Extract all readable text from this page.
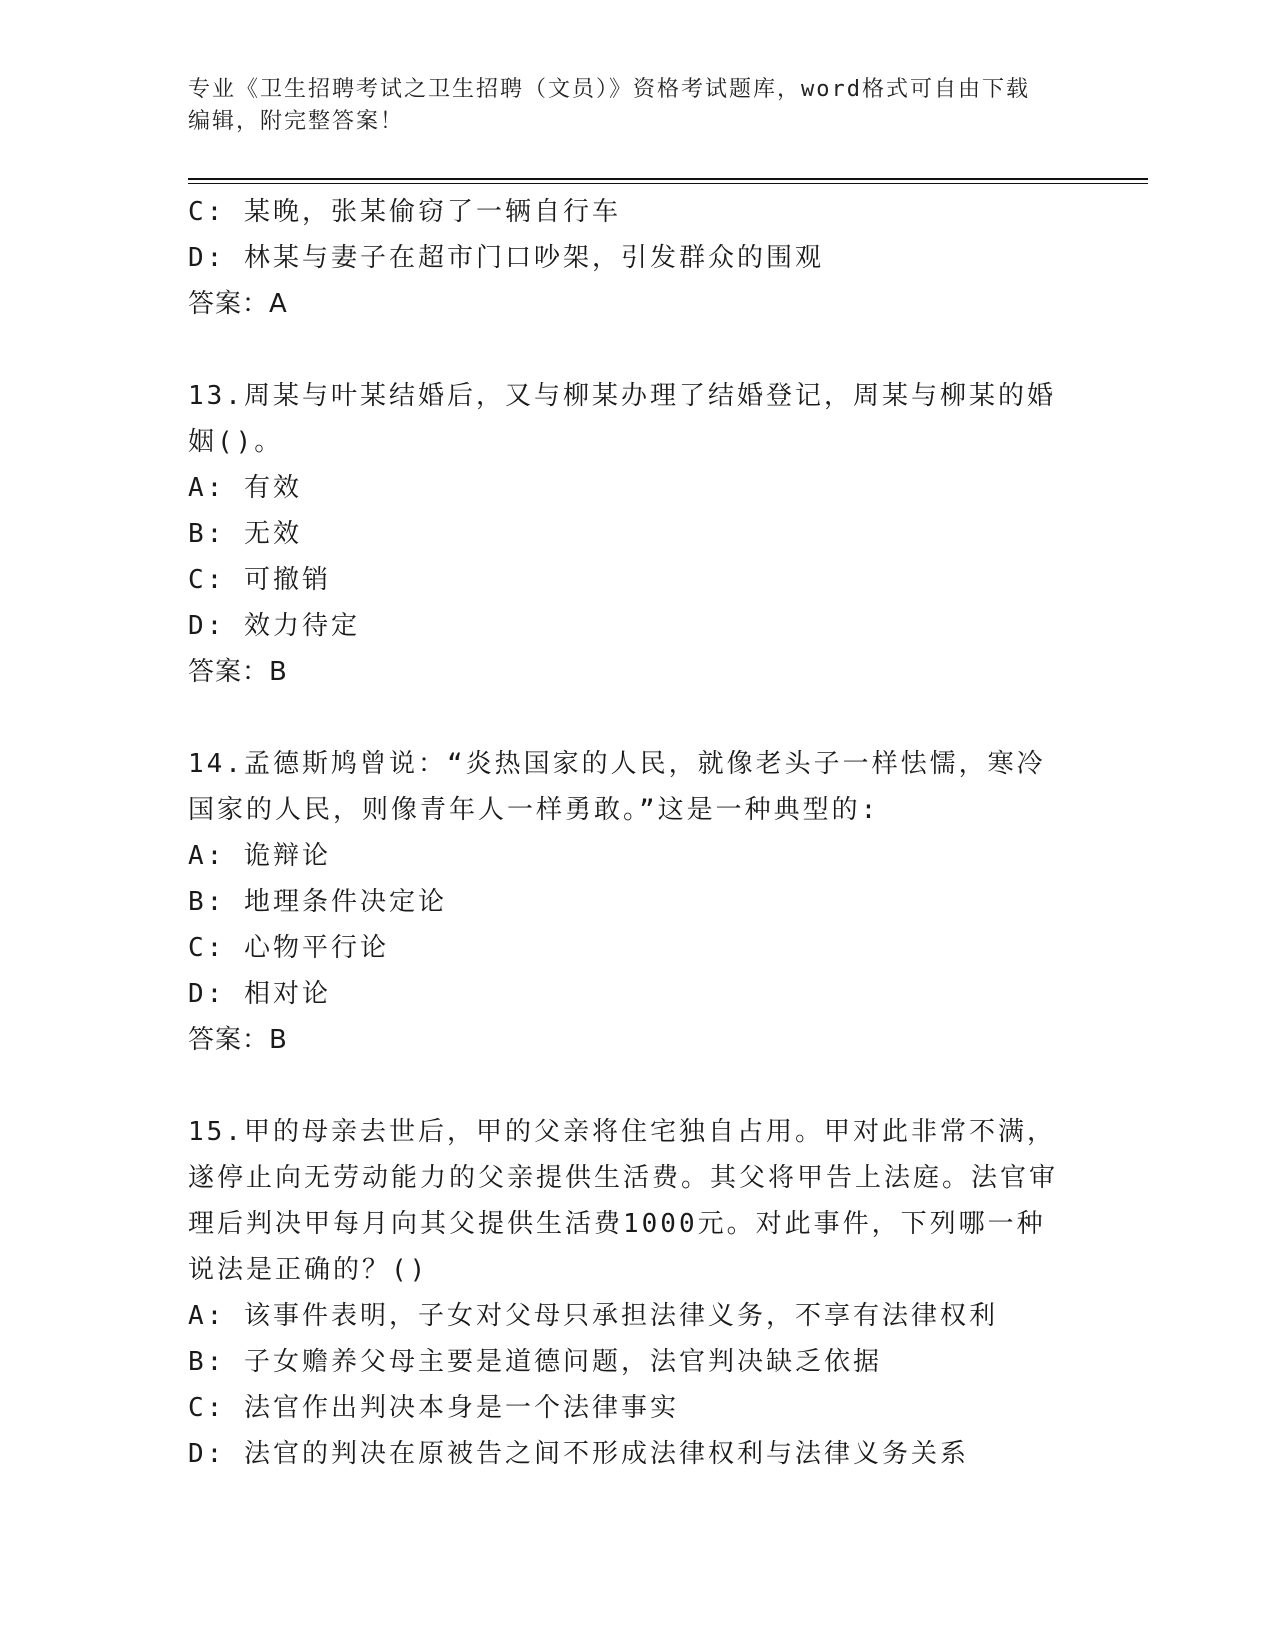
专业《卫生招聘考试之卫生招聘（文员）》资格考试题库，word格式可自由下载
编辑，附完整答案！
C: 某晚，张某偷窃了一辆自行车
D: 林某与妻子在超市门口吵架，引发群众的围观
答案：A
13.周某与叶某结婚后，又与柳某办理了结婚登记，周某与柳某的婚姻()。
A: 有效
B: 无效
C: 可撤销
D: 效力待定
答案：B
14.孟德斯鸠曾说：“炎热国家的人民，就像老头子一样怯懦，寒冷国家的人民，则像青年人一样勇敢。”这是一种典型的:
A: 诡辩论
B: 地理条件决定论
C: 心物平行论
D: 相对论
答案：B
15.甲的母亲去世后，甲的父亲将住宅独自占用。甲对此非常不满，遂停止向无劳动能力的父亲提供生活费。其父将甲告上法庭。法官审理后判决甲每月向其父提供生活费1000元。对此事件，下列哪一种说法是正确的？()
A: 该事件表明，子女对父母只承担法律义务，不享有法律权利
B: 子女赡养父母主要是道德问题，法官判决缺乏依据
C: 法官作出判决本身是一个法律事实
D: 法官的判决在原被告之间不形成法律权利与法律义务关系
